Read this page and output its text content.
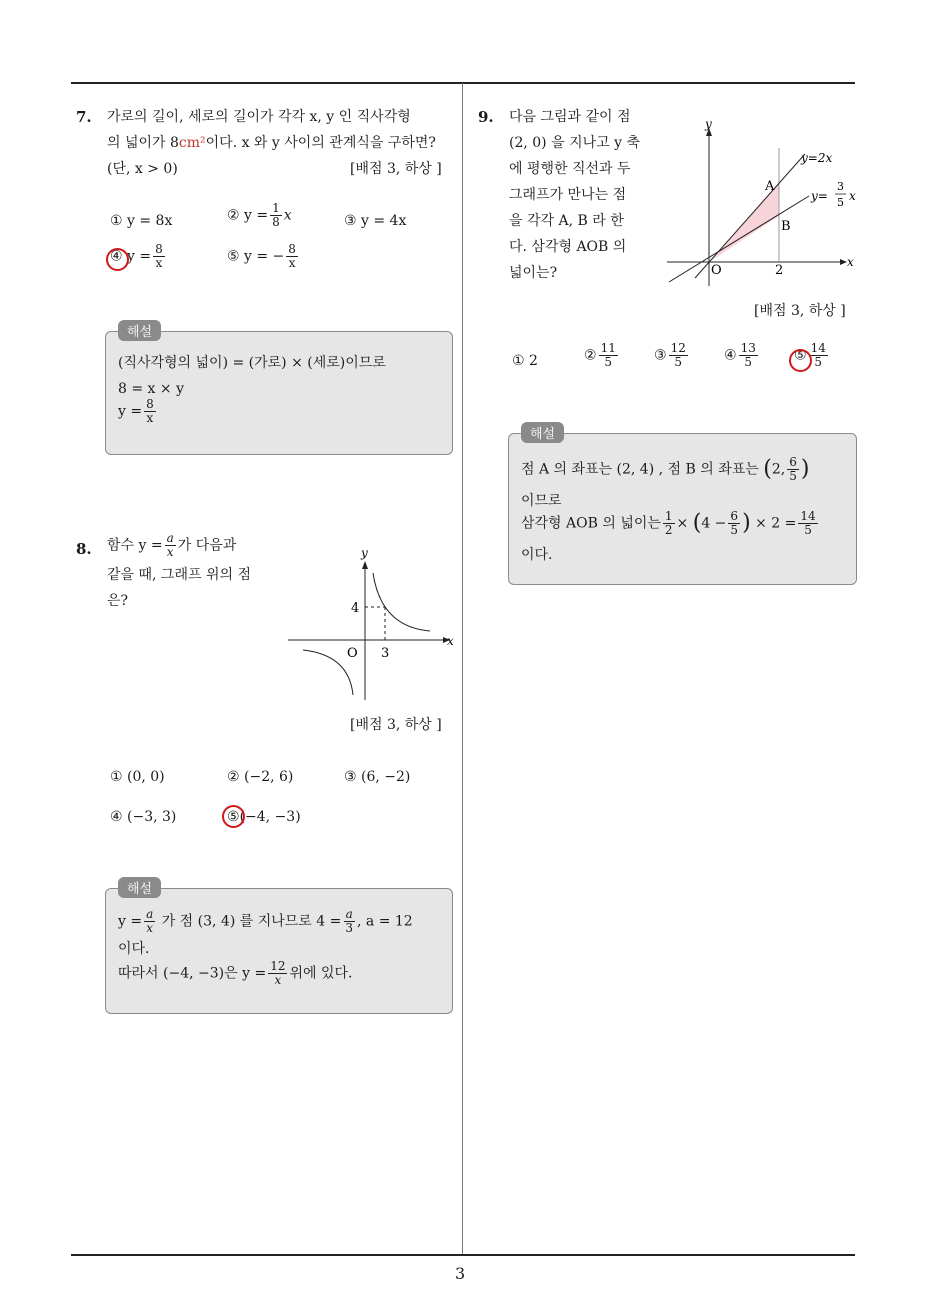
3
7. 가로의 길이, 세로의 길이가 각각 x, y 인 직사각형
의 넓이가 8cm²이다. x 와 y 사이의 관계식을 구하면?
(단, x > 0)	[배점 3, 하상 ]
① y = 8x	② $y = \frac{1}{8}$ x	③ y = 4x
④ $y = \frac{8}{x}$	⑤ y = − $\frac{8}{x}$
해설
(직사각형의 넓이) = (가로) × (세로)이므로
8 = x × y
$y = \frac{8}{x}$
8. 함수 $y = \frac{a}{x}$ 가 다음과
같을 때, 그래프 위의 점
은?
y
x
O
4
3
[배점 3, 하상 ]
① (0, 0)	② (−2, 6)	③ (6, −2)
④ (−3, 3)	⑤(−4, −3)
해설
$y = \frac{a}{x}$ 가 점 (3, 4) 를 지나므로 $4 = \frac{a}{3}$ , a = 12
이다.
따라서 (−4, −3)은 $y = \frac{12}{x}$ 위에 있다.
9. 다음 그림과 같이 점
(2, 0) 을 지나고 y 축
에 평행한 직선과 두
그래프가 만나는 점
을 각각 A, B 라 한
다. 삼각형 AOB 의
넓이는?
y
x
O	2
A
B
y=2x
y=
3
5 x
[배점 3, 하상 ]
① 2	② $\frac{11}{5}$	③ $\frac{12}{5}$	④ $\frac{13}{5}$	⑤ $\frac{14}{5}$
해설
점 A 의 좌표는 (2, 4) , 점 B 의 좌표는 (2, $\frac{6}{5}$ )
이므로
삼각형 AOB 의 넓이는 $\frac{1}{2} \times (4 - \frac{6}{5}$ ) × $2 = \frac{14}{5}$
이다.
